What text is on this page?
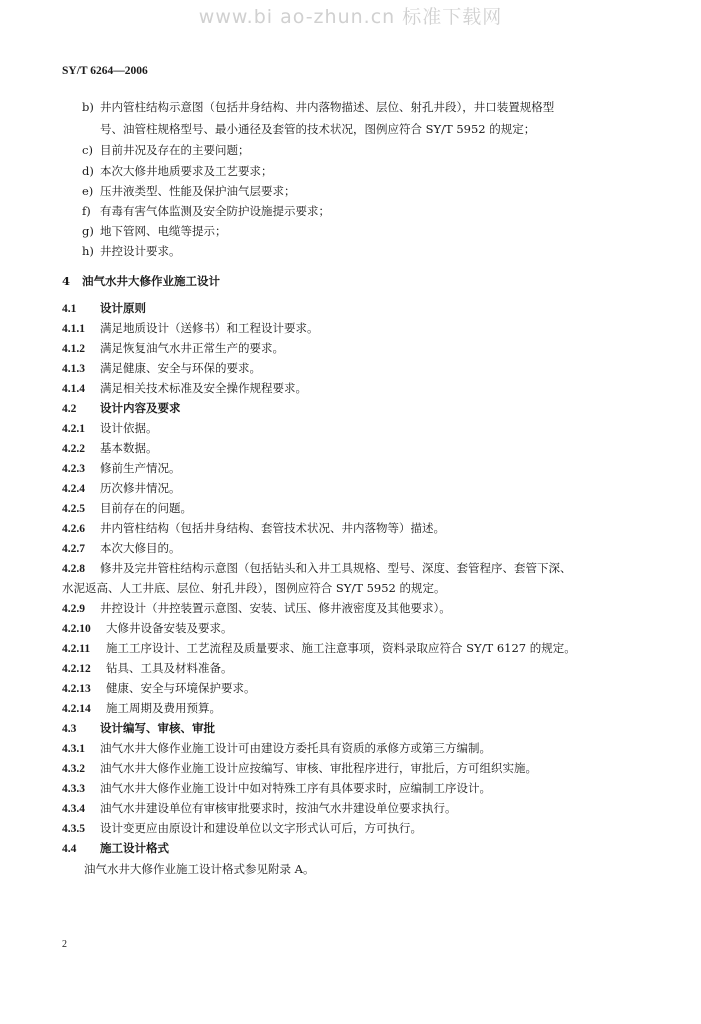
www.bi ao-zhun.cn 标准下载网
SY/T 6264—2006
b) 井内管柱结构示意图（包括井身结构、井内落物描述、层位、射孔井段），井口装置规格型
号、油管柱规格型号、最小通径及套管的技术状况，图例应符合 SY/T 5952 的规定；
c) 目前井况及存在的主要问题；
d) 本次大修井地质要求及工艺要求；
e) 压井液类型、性能及保护油气层要求；
f) 有毒有害气体监测及安全防护设施提示要求；
g) 地下管网、电缆等提示；
h) 井控设计要求。
4 油气水井大修作业施工设计
4.1 设计原则
4.1.1 满足地质设计（送修书）和工程设计要求。
4.1.2 满足恢复油气水井正常生产的要求。
4.1.3 满足健康、安全与环保的要求。
4.1.4 满足相关技术标准及安全操作规程要求。
4.2 设计内容及要求
4.2.1 设计依据。
4.2.2 基本数据。
4.2.3 修前生产情况。
4.2.4 历次修井情况。
4.2.5 目前存在的问题。
4.2.6 井内管柱结构（包括井身结构、套管技术状况、井内落物等）描述。
4.2.7 本次大修目的。
4.2.8 修井及完井管柱结构示意图（包括钻头和入井工具规格、型号、深度、套管程序、套管下深、
水泥返高、人工井底、层位、射孔井段），图例应符合 SY/T 5952 的规定。
4.2.9 井控设计（井控装置示意图、安装、试压、修井液密度及其他要求）。
4.2.10 大修井设备安装及要求。
4.2.11 施工工序设计、工艺流程及质量要求、施工注意事项，资料录取应符合 SY/T 6127 的规定。
4.2.12 钻具、工具及材料准备。
4.2.13 健康、安全与环境保护要求。
4.2.14 施工周期及费用预算。
4.3 设计编写、审核、审批
4.3.1 油气水井大修作业施工设计可由建设方委托具有资质的承修方或第三方编制。
4.3.2 油气水井大修作业施工设计应按编写、审核、审批程序进行，审批后，方可组织实施。
4.3.3 油气水井大修作业施工设计中如对特殊工序有具体要求时，应编制工序设计。
4.3.4 油气水井建设单位有审核审批要求时，按油气水井建设单位要求执行。
4.3.5 设计变更应由原设计和建设单位以文字形式认可后，方可执行。
4.4 施工设计格式
油气水井大修作业施工设计格式参见附录 A。
2
